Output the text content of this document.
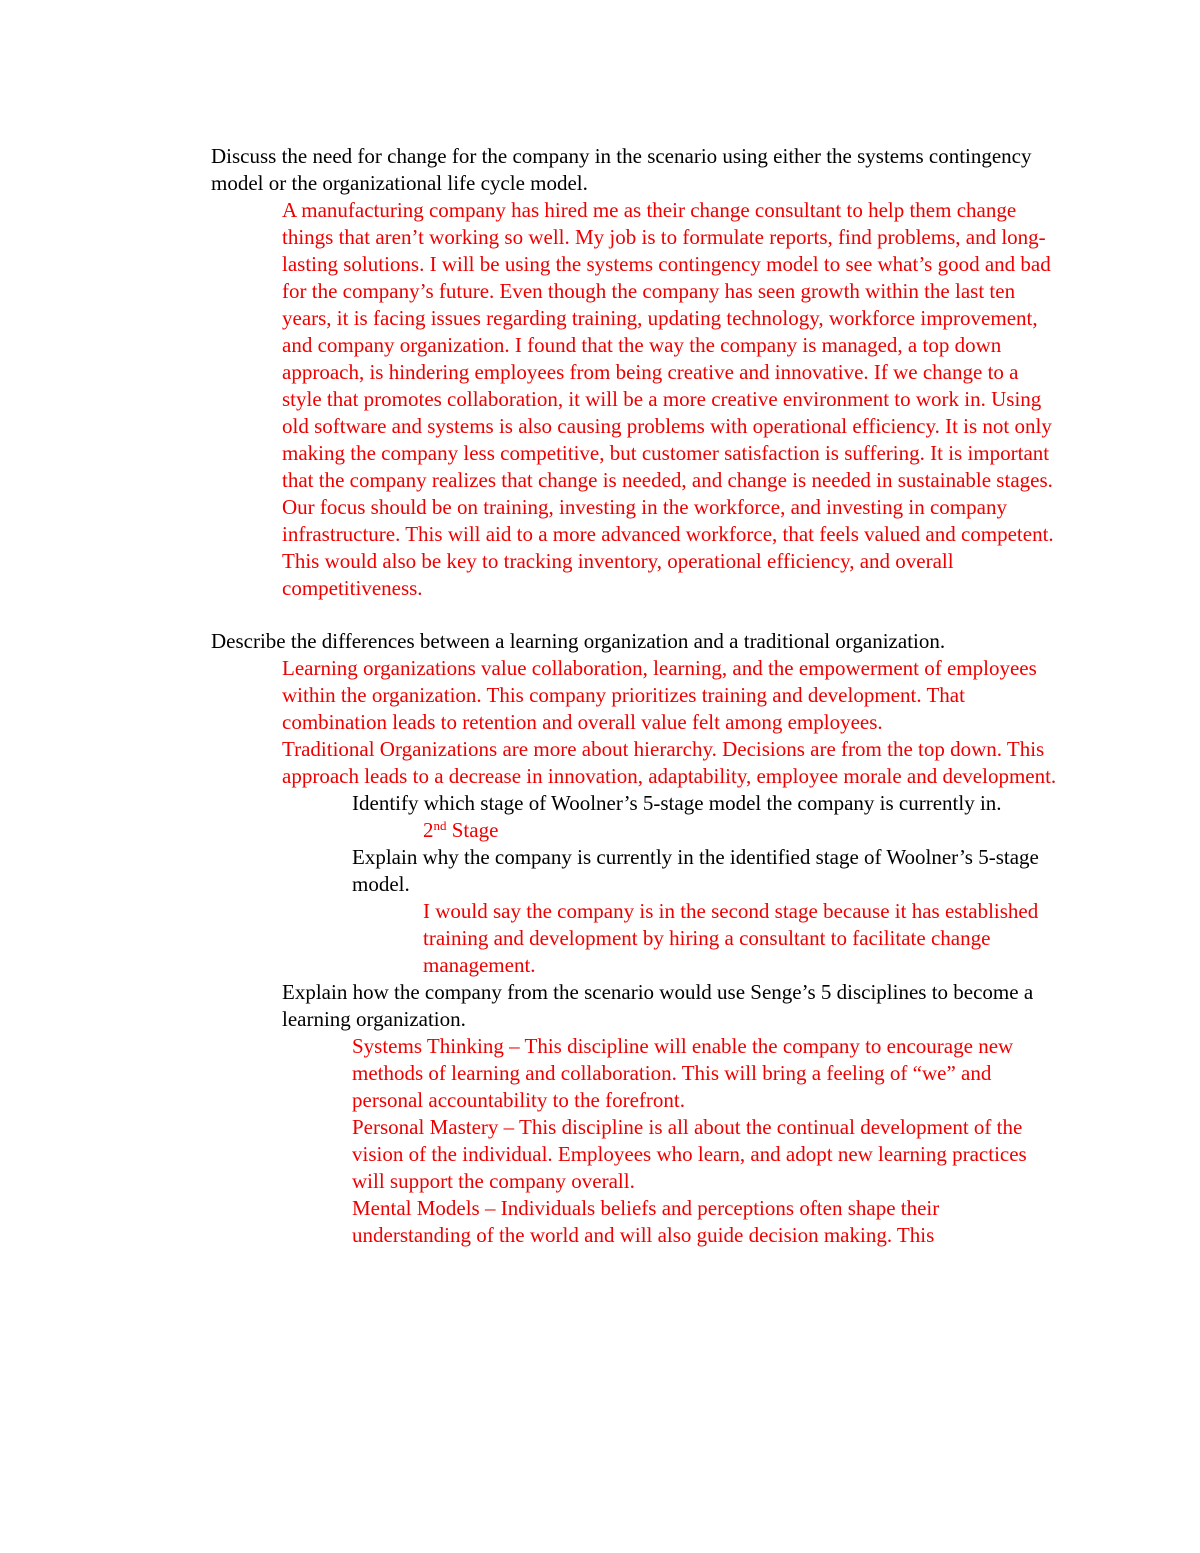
Discuss the need for change for the company in the scenario using either the systems contingency model or the organizational life cycle model.
A manufacturing company has hired me as their change consultant to help them change things that aren’t working so well. My job is to formulate reports, find problems, and long-lasting solutions. I will be using the systems contingency model to see what’s good and bad for the company’s future. Even though the company has seen growth within the last ten years, it is facing issues regarding training, updating technology, workforce improvement, and company organization. I found that the way the company is managed, a top down approach, is hindering employees from being creative and innovative. If we change to a style that promotes collaboration, it will be a more creative environment to work in. Using old software and systems is also causing problems with operational efficiency. It is not only making the company less competitive, but customer satisfaction is suffering. It is important that the company realizes that change is needed, and change is needed in sustainable stages. Our focus should be on training, investing in the workforce, and investing in company infrastructure. This will aid to a more advanced workforce, that feels valued and competent. This would also be key to tracking inventory, operational efficiency, and overall competitiveness.
Describe the differences between a learning organization and a traditional organization.
Learning organizations value collaboration, learning, and the empowerment of employees within the organization. This company prioritizes training and development. That combination leads to retention and overall value felt among employees.
Traditional Organizations are more about hierarchy. Decisions are from the top down. This approach leads to a decrease in innovation, adaptability, employee morale and development.
Identify which stage of Woolner’s 5-stage model the company is currently in.
2nd Stage
Explain why the company is currently in the identified stage of Woolner’s 5-stage model.
I would say the company is in the second stage because it has established training and development by hiring a consultant to facilitate change management.
Explain how the company from the scenario would use Senge’s 5 disciplines to become a learning organization.
Systems Thinking – This discipline will enable the company to encourage new methods of learning and collaboration. This will bring a feeling of “we” and personal accountability to the forefront.
Personal Mastery – This discipline is all about the continual development of the vision of the individual. Employees who learn, and adopt new learning practices will support the company overall.
Mental Models – Individuals beliefs and perceptions often shape their understanding of the world and will also guide decision making. This
